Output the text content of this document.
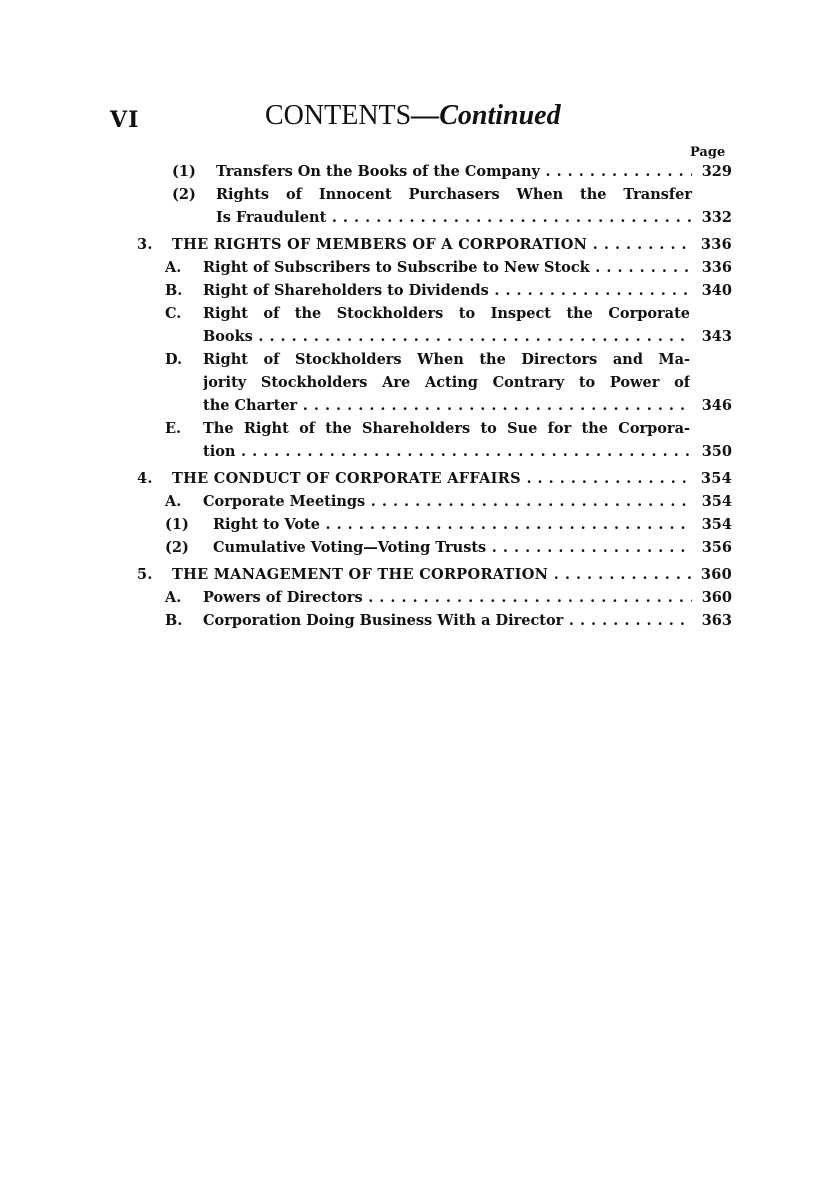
VI	CONTENTS—Continued
Page
(1) Transfers On the Books of the Company . . .	329
(2) Rights of Innocent Purchasers When the Transfer
Is Fraudulent . . .	332
3. THE RIGHTS OF MEMBERS OF A CORPORATION . . .	336
A. Right of Subscribers to Subscribe to New Stock . . .	336
B. Right of Shareholders to Dividends . . .	340
C. Right of the Stockholders to Inspect the Corporate
Books . . .	343
D. Right of Stockholders When the Directors and Ma-
jority Stockholders Are Acting Contrary to Power of
the Charter . . .	346
E. The Right of the Shareholders to Sue for the Corpora-
tion . . .	350
4. THE CONDUCT OF CORPORATE AFFAIRS . . .	354
A. Corporate Meetings . . .	354
(1) Right to Vote . . .	354
(2) Cumulative Voting—Voting Trusts . . .	356
5. THE MANAGEMENT OF THE CORPORATION . . .	360
A. Powers of Directors . . .	360
B. Corporation Doing Business With a Director . . .	363
